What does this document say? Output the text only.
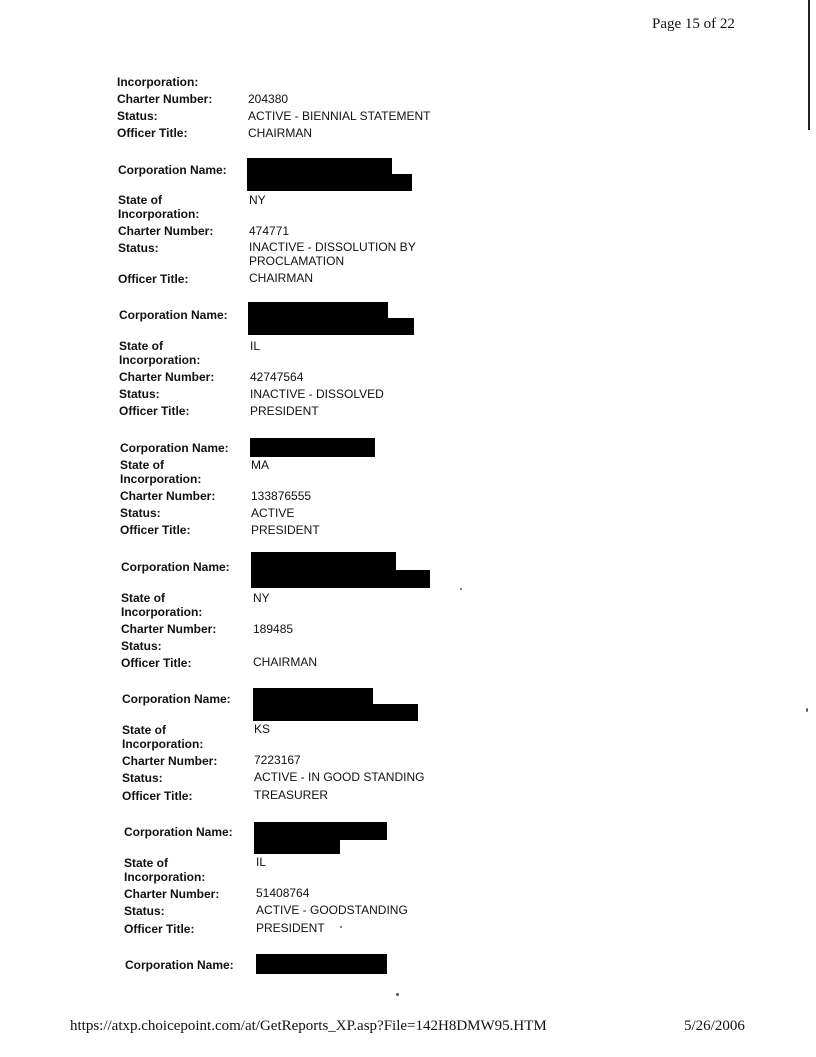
Page 15 of 22
Incorporation:
Charter Number:	204380
Status:	ACTIVE - BIENNIAL STATEMENT
Officer Title:	CHAIRMAN
Corporation Name:
State of
Incorporation:
NY
Charter Number:	474771
Status:	INACTIVE - DISSOLUTION BY
PROCLAMATION
Officer Title:	CHAIRMAN
Corporation Name:
State of
Incorporation:
IL
Charter Number:	42747564
Status:	INACTIVE - DISSOLVED
Officer Title:	PRESIDENT
Corporation Name:
State of
Incorporation:
MA
Charter Number:	133876555
Status:	ACTIVE
Officer Title:	PRESIDENT
Corporation Name:
State of
Incorporation:
NY
Charter Number:	189485
Status:
Officer Title:	CHAIRMAN
Corporation Name:
State of
Incorporation:
KS
Charter Number:	7223167
Status:	ACTIVE - IN GOOD STANDING
Officer Title:	TREASURER
Corporation Name:
State of
Incorporation:
IL
Charter Number:	51408764
Status:	ACTIVE - GOODSTANDING
Officer Title:	PRESIDENT
Corporation Name:
https://atxp.choicepoint.com/at/GetReports_XP.asp?File=142H8DMW95.HTM	5/26/2006
